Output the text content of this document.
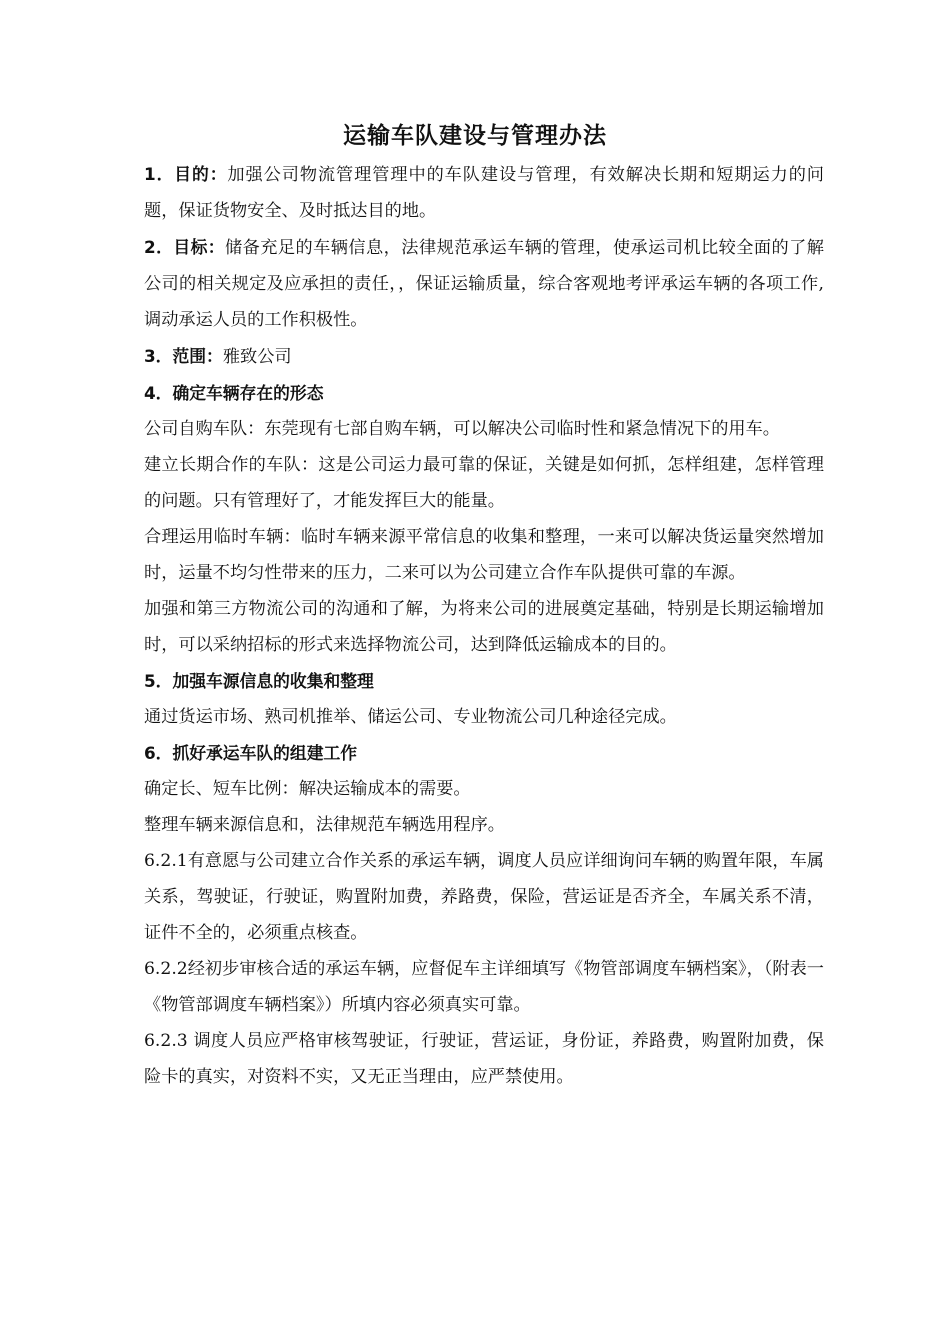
运输车队建设与管理办法

1．目的：加强公司物流管理管理中的车队建设与管理，有效解决长期和短期运力的问题，保证货物安全、及时抵达目的地。

2．目标：储备充足的车辆信息，法律规范承运车辆的管理，使承运司机比较全面的了解公司的相关规定及应承担的责任，，保证运输质量，综合客观地考评承运车辆的各项工作, 调动承运人员的工作积极性。

3．范围：雅致公司

4．确定车辆存在的形态

公司自购车队：东莞现有七部自购车辆，可以解决公司临时性和紧急情况下的用车。

建立长期合作的车队：这是公司运力最可靠的保证，关键是如何抓，怎样组建，怎样管理的问题。只有管理好了，才能发挥巨大的能量。

合理运用临时车辆：临时车辆来源平常信息的收集和整理，一来可以解决货运量突然增加时，运量不均匀性带来的压力，二来可以为公司建立合作车队提供可靠的车源。

加强和第三方物流公司的沟通和了解，为将来公司的进展奠定基础，特别是长期运输增加时，可以采纳招标的形式来选择物流公司，达到降低运输成本的目的。

5．加强车源信息的收集和整理

通过货运市场、熟司机推举、储运公司、专业物流公司几种途径完成。

6．抓好承运车队的组建工作

确定长、短车比例：解决运输成本的需要。

整理车辆来源信息和，法律规范车辆选用程序。

6.2.1有意愿与公司建立合作关系的承运车辆，调度人员应详细询问车辆的购置年限，车属关系，驾驶证，行驶证，购置附加费，养路费，保险，营运证是否齐全，车属关系不清，证件不全的，必须重点核查。

6.2.2经初步审核合适的承运车辆，应督促车主详细填写《物管部调度车辆档案》，（附表一《物管部调度车辆档案》）所填内容必须真实可靠。

6.2.3 调度人员应严格审核驾驶证，行驶证，营运证，身份证，养路费，购置附加费，保险卡的真实，对资料不实，又无正当理由，应严禁使用。
